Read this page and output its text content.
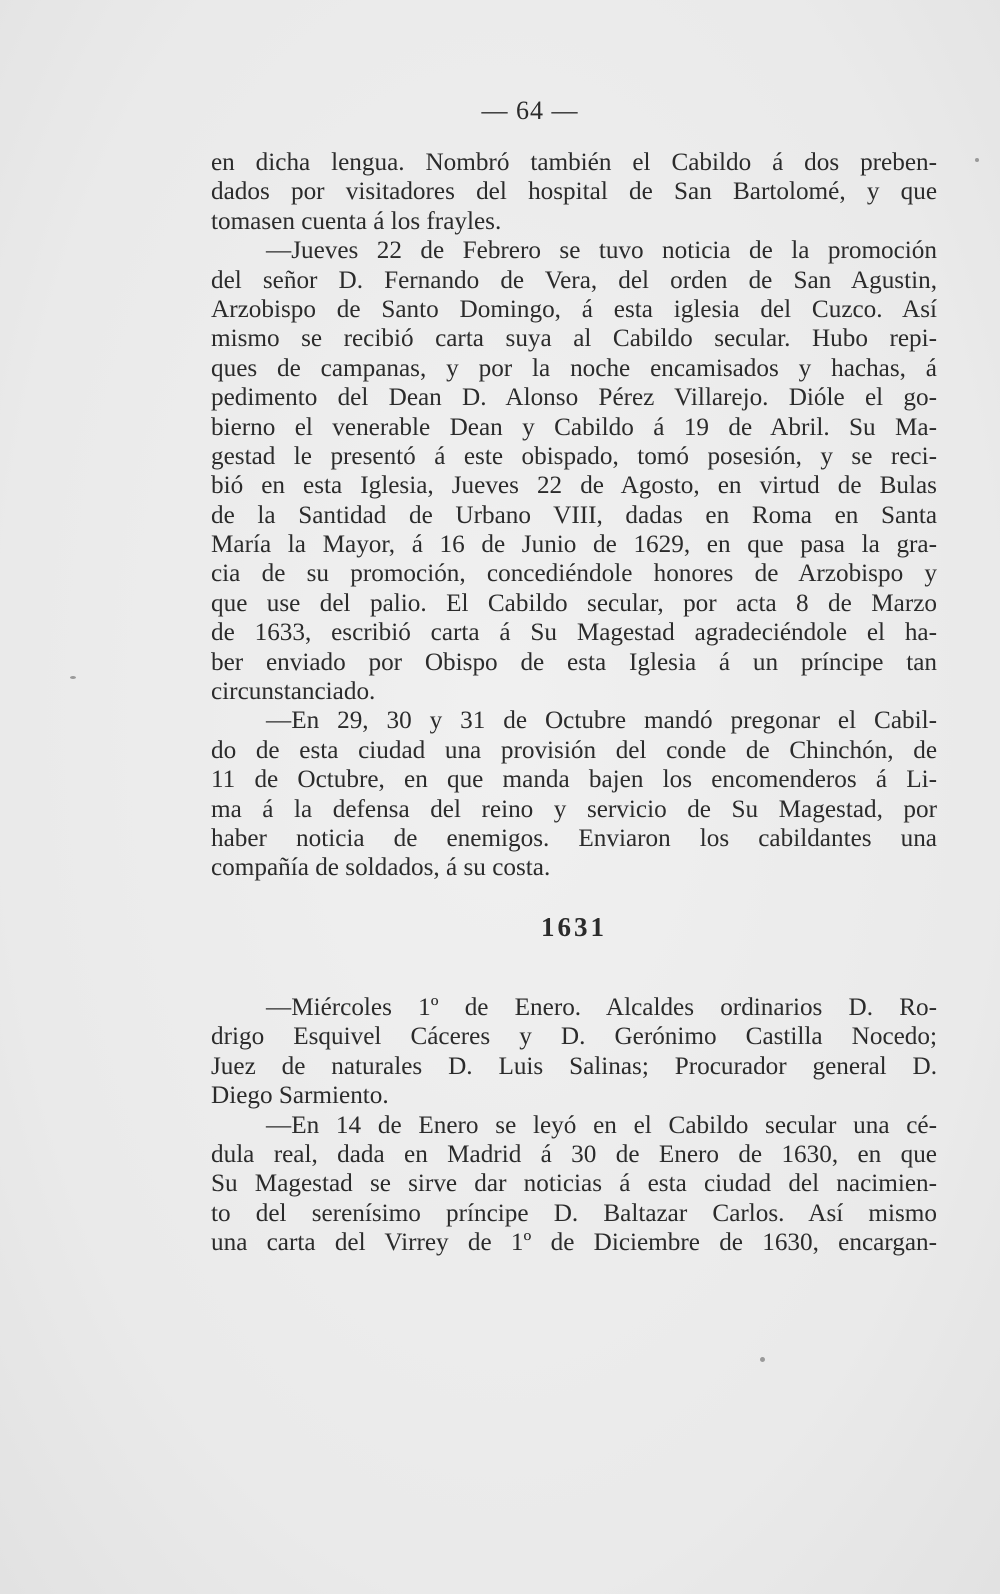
— 64 —
en dicha lengua. Nombró también el Cabildo á dos preben-
dados por visitadores del hospital de San Bartolomé, y que
tomasen cuenta á los frayles.
—Jueves 22 de Febrero se tuvo noticia de la promoción
del señor D. Fernando de Vera, del orden de San Agustin,
Arzobispo de Santo Domingo, á esta iglesia del Cuzco. Así
mismo se recibió carta suya al Cabildo secular. Hubo repi-
ques de campanas, y por la noche encamisados y hachas, á
pedimento del Dean D. Alonso Pérez Villarejo. Dióle el go-
bierno el venerable Dean y Cabildo á 19 de Abril. Su Ma-
gestad le presentó á este obispado, tomó posesión, y se reci-
bió en esta Iglesia, Jueves 22 de Agosto, en virtud de Bulas
de la Santidad de Urbano VIII, dadas en Roma en Santa
María la Mayor, á 16 de Junio de 1629, en que pasa la gra-
cia de su promoción, concediéndole honores de Arzobispo y
que use del palio. El Cabildo secular, por acta 8 de Marzo
de 1633, escribió carta á Su Magestad agradeciéndole el ha-
ber enviado por Obispo de esta Iglesia á un príncipe tan
circunstanciado.
—En 29, 30 y 31 de Octubre mandó pregonar el Cabil-
do de esta ciudad una provisión del conde de Chinchón, de
11 de Octubre, en que manda bajen los encomenderos á Li-
ma á la defensa del reino y servicio de Su Magestad, por
haber noticia de enemigos. Enviaron los cabildantes una
compañía de soldados, á su costa.
1631
—Miércoles 1º de Enero. Alcaldes ordinarios D. Ro-
drigo Esquivel Cáceres y D. Gerónimo Castilla Nocedo;
Juez de naturales D. Luis Salinas; Procurador general D.
Diego Sarmiento.
—En 14 de Enero se leyó en el Cabildo secular una cé-
dula real, dada en Madrid á 30 de Enero de 1630, en que
Su Magestad se sirve dar noticias á esta ciudad del nacimien-
to del serenísimo príncipe D. Baltazar Carlos. Así mismo
una carta del Virrey de 1º de Diciembre de 1630, encargan-
